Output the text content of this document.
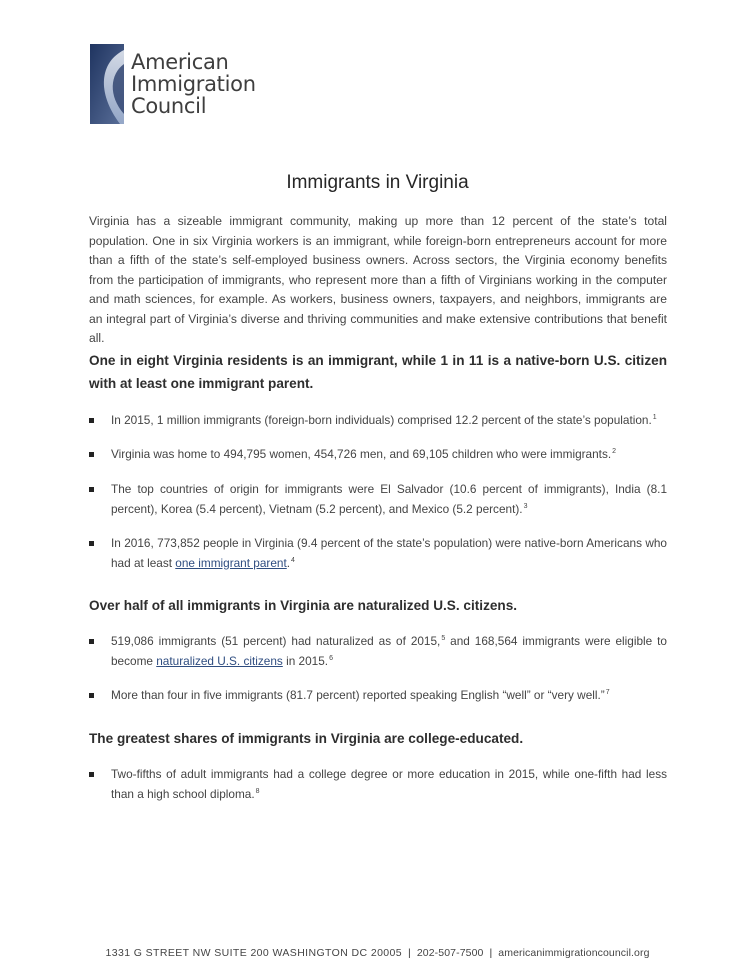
American
Immigration
Council
Immigrants in Virginia

Virginia has a sizeable immigrant community, making up more than 12 percent of the state’s total population. One in six Virginia workers is an immigrant, while foreign-born entrepreneurs account for more than a fifth of the state’s self-employed business owners. Across sectors, the Virginia economy benefits from the participation of immigrants, who represent more than a fifth of Virginians working in the computer and math sciences, for example. As workers, business owners, taxpayers, and neighbors, immigrants are an integral part of Virginia’s diverse and thriving communities and make extensive contributions that benefit all.

One in eight Virginia residents is an immigrant, while 1 in 11 is a native-born U.S. citizen with at least one immigrant parent.
In 2015, 1 million immigrants (foreign-born individuals) comprised 12.2 percent of the state’s population.$^1$
Virginia was home to 494,795 women, 454,726 men, and 69,105 children who were immigrants.$^2$
The top countries of origin for immigrants were El Salvador (10.6 percent of immigrants), India (8.1 percent), Korea (5.4 percent), Vietnam (5.2 percent), and Mexico (5.2 percent).$^3$
In 2016, 773,852 people in Virginia (9.4 percent of the state’s population) were native-born Americans who had at least one immigrant parent.$^4$
Over half of all immigrants in Virginia are naturalized U.S. citizens.
519,086 immigrants (51 percent) had naturalized as of 2015,$^5$ and 168,564 immigrants were eligible to become naturalized U.S. citizens in 2015.$^6$
More than four in five immigrants (81.7 percent) reported speaking English “well” or “very well.”$^7$
The greatest shares of immigrants in Virginia are college-educated.
Two-fifths of adult immigrants had a college degree or more education in 2015, while one-fifth had less than a high school diploma.$^8$
1331 G STREET NW SUITE 200 WASHINGTON DC 20005 | 202-507-7500 | americanimmigrationcouncil.org
